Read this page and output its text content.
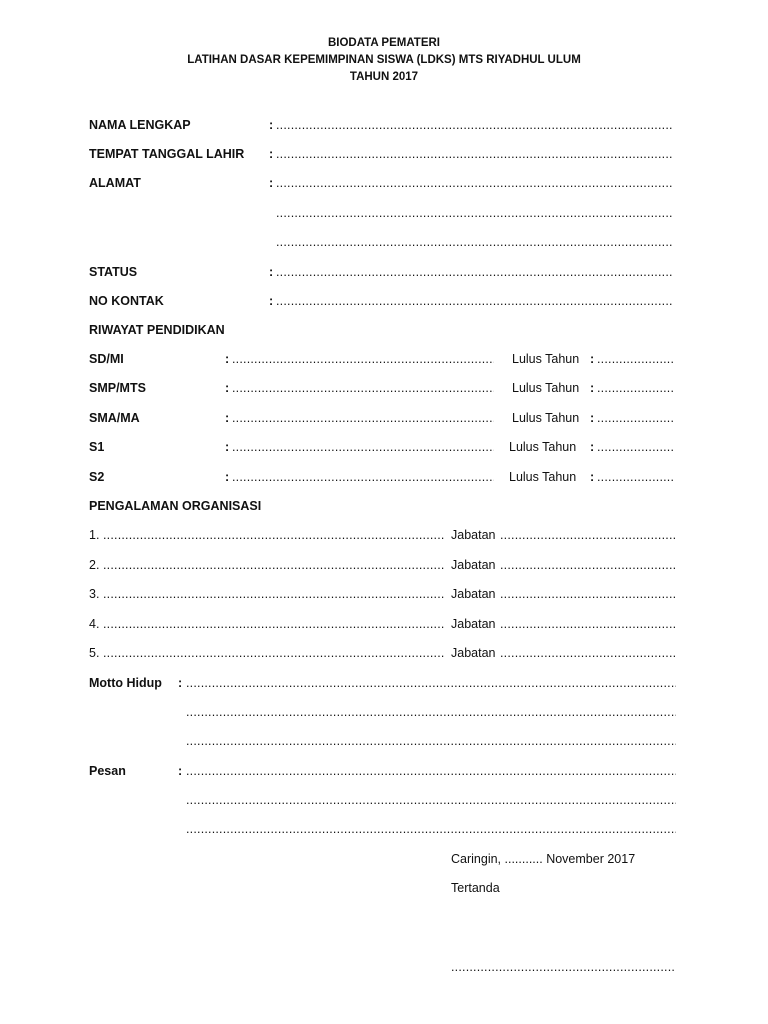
BIODATA PEMATERI
LATIHAN DASAR KEPEMIMPINAN SISWA (LDKS) MTS RIYADHUL ULUM
TAHUN 2017
NAMA LENGKAP	:
.....
TEMPAT TANGGAL LAHIR :
.....
ALAMAT	:
.....
.....
.....
STATUS	:
.....
NO KONTAK	:
.....
RIWAYAT PENDIDIKAN
SD/MI	: .....	Lulus Tahun :
.....
SMP/MTS	: .....	Lulus Tahun :
.....
SMA/MA	: .....	Lulus Tahun :
.....
S1	: .....	Lulus Tahun :
.....
S2	: .....	Lulus Tahun :
.....
PENGALAMAN ORGANISASI
1. .....	Jabatan
.....
2. .....	Jabatan
.....
3. .....	Jabatan
.....
4. .....	Jabatan
.....
5. .....	Jabatan
.....
Motto Hidup :
.....
.....
.....
Pesan	:
.....
.....
.....
Caringin, ........... November 2017
Tertanda
.....
